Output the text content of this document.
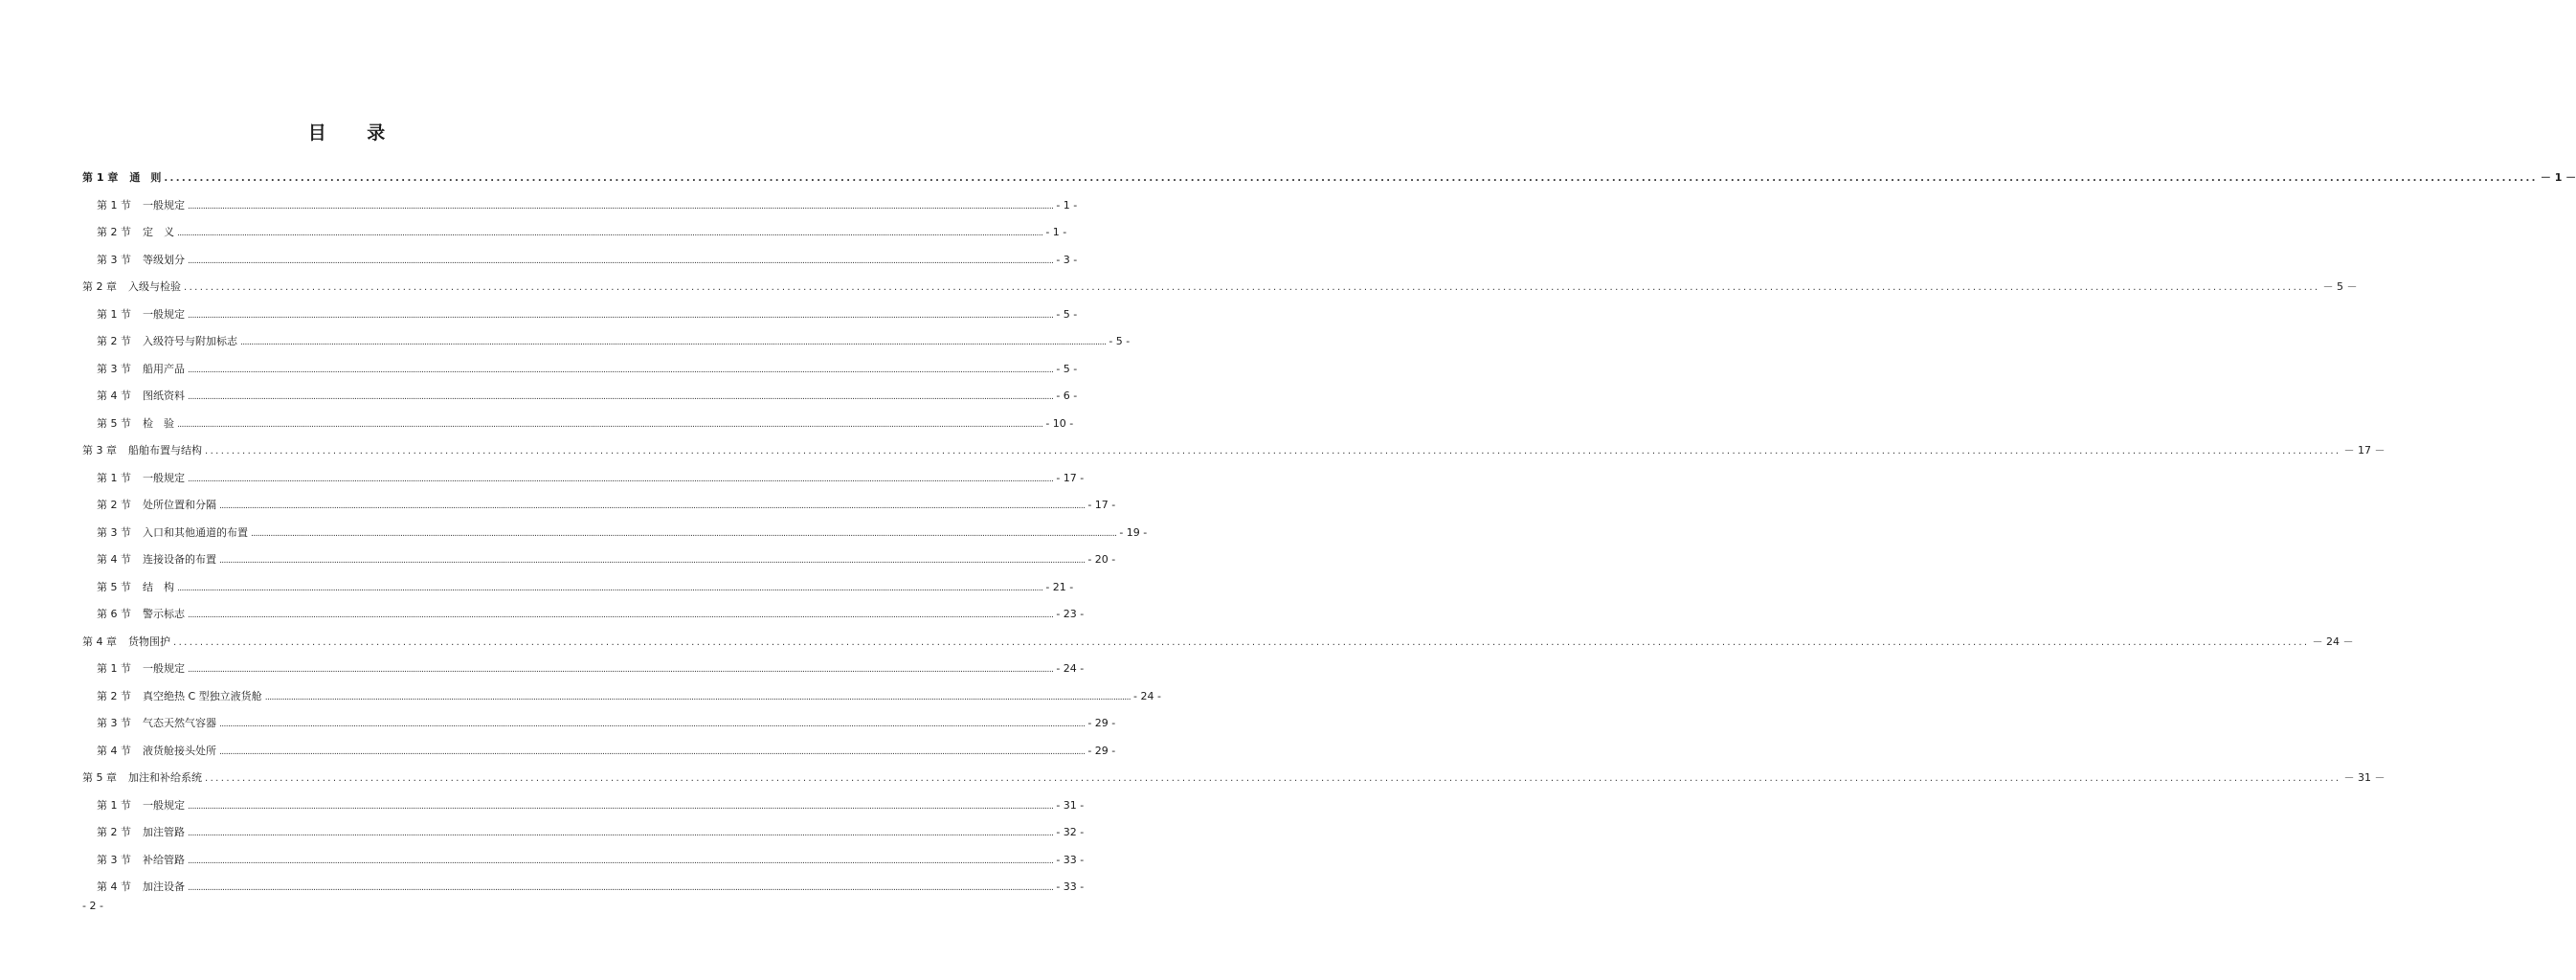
目 录
第 1 章 通　则 ................................................................................................................................................................................................................................................................................................................................................................................................................ － 1 －
第 1 节 一般规定 ................................................................................................................................................................................................................................................................................................................................................................................................................ - 1 -
第 2 节 定　义 ................................................................................................................................................................................................................................................................................................................................................................................................................ - 1 -
第 3 节 等级划分 ................................................................................................................................................................................................................................................................................................................................................................................................................ - 3 -
第 2 章 入级与检验 ................................................................................................................................................................................................................................................................................................................................................................................................................ － 5 －
第 1 节 一般规定 ................................................................................................................................................................................................................................................................................................................................................................................................................ - 5 -
第 2 节 入级符号与附加标志 ................................................................................................................................................................................................................................................................................................................................................................................................................ - 5 -
第 3 节 船用产品 ................................................................................................................................................................................................................................................................................................................................................................................................................ - 5 -
第 4 节 图纸资料 ................................................................................................................................................................................................................................................................................................................................................................................................................ - 6 -
第 5 节 检　验 ................................................................................................................................................................................................................................................................................................................................................................................................................ - 10 -
第 3 章 船舶布置与结构 ................................................................................................................................................................................................................................................................................................................................................................................................................ － 17 －
第 1 节 一般规定 ................................................................................................................................................................................................................................................................................................................................................................................................................ - 17 -
第 2 节 处所位置和分隔 ................................................................................................................................................................................................................................................................................................................................................................................................................ - 17 -
第 3 节 入口和其他通道的布置 ................................................................................................................................................................................................................................................................................................................................................................................................................ - 19 -
第 4 节 连接设备的布置 ................................................................................................................................................................................................................................................................................................................................................................................................................ - 20 -
第 5 节 结　构 ................................................................................................................................................................................................................................................................................................................................................................................................................ - 21 -
第 6 节 警示标志 ................................................................................................................................................................................................................................................................................................................................................................................................................ - 23 -
第 4 章 货物围护 ................................................................................................................................................................................................................................................................................................................................................................................................................ － 24 －
第 1 节 一般规定 ................................................................................................................................................................................................................................................................................................................................................................................................................ - 24 -
第 2 节 真空绝热 C 型独立液货舱 ................................................................................................................................................................................................................................................................................................................................................................................................................ - 24 -
第 3 节 气态天然气容器 ................................................................................................................................................................................................................................................................................................................................................................................................................ - 29 -
第 4 节 液货舱接头处所 ................................................................................................................................................................................................................................................................................................................................................................................................................ - 29 -
第 5 章 加注和补给系统 ................................................................................................................................................................................................................................................................................................................................................................................................................ － 31 －
第 1 节 一般规定 ................................................................................................................................................................................................................................................................................................................................................................................................................ - 31 -
第 2 节 加注管路 ................................................................................................................................................................................................................................................................................................................................................................................................................ - 32 -
第 3 节 补给管路 ................................................................................................................................................................................................................................................................................................................................................................................................................ - 33 -
第 4 节 加注设备 ................................................................................................................................................................................................................................................................................................................................................................................................................ - 33 -
- 2 -
